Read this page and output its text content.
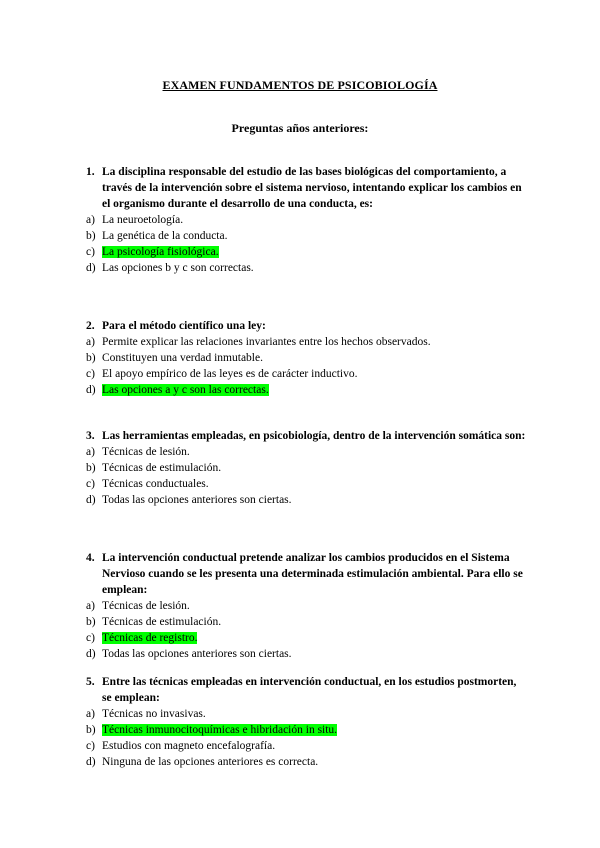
EXAMEN FUNDAMENTOS DE PSICOBIOLOGÍA
Preguntas años anteriores:
1. La disciplina responsable del estudio de las bases biológicas del comportamiento, a través de la intervención sobre el sistema nervioso, intentando explicar los cambios en el organismo durante el desarrollo de una conducta, es:
a) La neuroetología.
b) La genética de la conducta.
c) La psicología fisiológica.
d) Las opciones b y c son correctas.
2. Para el método científico una ley:
a) Permite explicar las relaciones invariantes entre los hechos observados.
b) Constituyen una verdad inmutable.
c) El apoyo empírico de las leyes es de carácter inductivo.
d) Las opciones a y c son las correctas.
3. Las herramientas empleadas, en psicobiología, dentro de la intervención somática son:
a) Técnicas de lesión.
b) Técnicas de estimulación.
c) Técnicas conductuales.
d) Todas las opciones anteriores son ciertas.
4. La intervención conductual pretende analizar los cambios producidos en el Sistema Nervioso cuando se les presenta una determinada estimulación ambiental. Para ello se emplean:
a) Técnicas de lesión.
b) Técnicas de estimulación.
c) Técnicas de registro.
d) Todas las opciones anteriores son ciertas.
5. Entre las técnicas empleadas en intervención conductual, en los estudios postmorten, se emplean:
a) Técnicas no invasivas.
b) Técnicas inmunocitoquímicas e hibridación in situ.
c) Estudios con magneto encefalografía.
d) Ninguna de las opciones anteriores es correcta.
